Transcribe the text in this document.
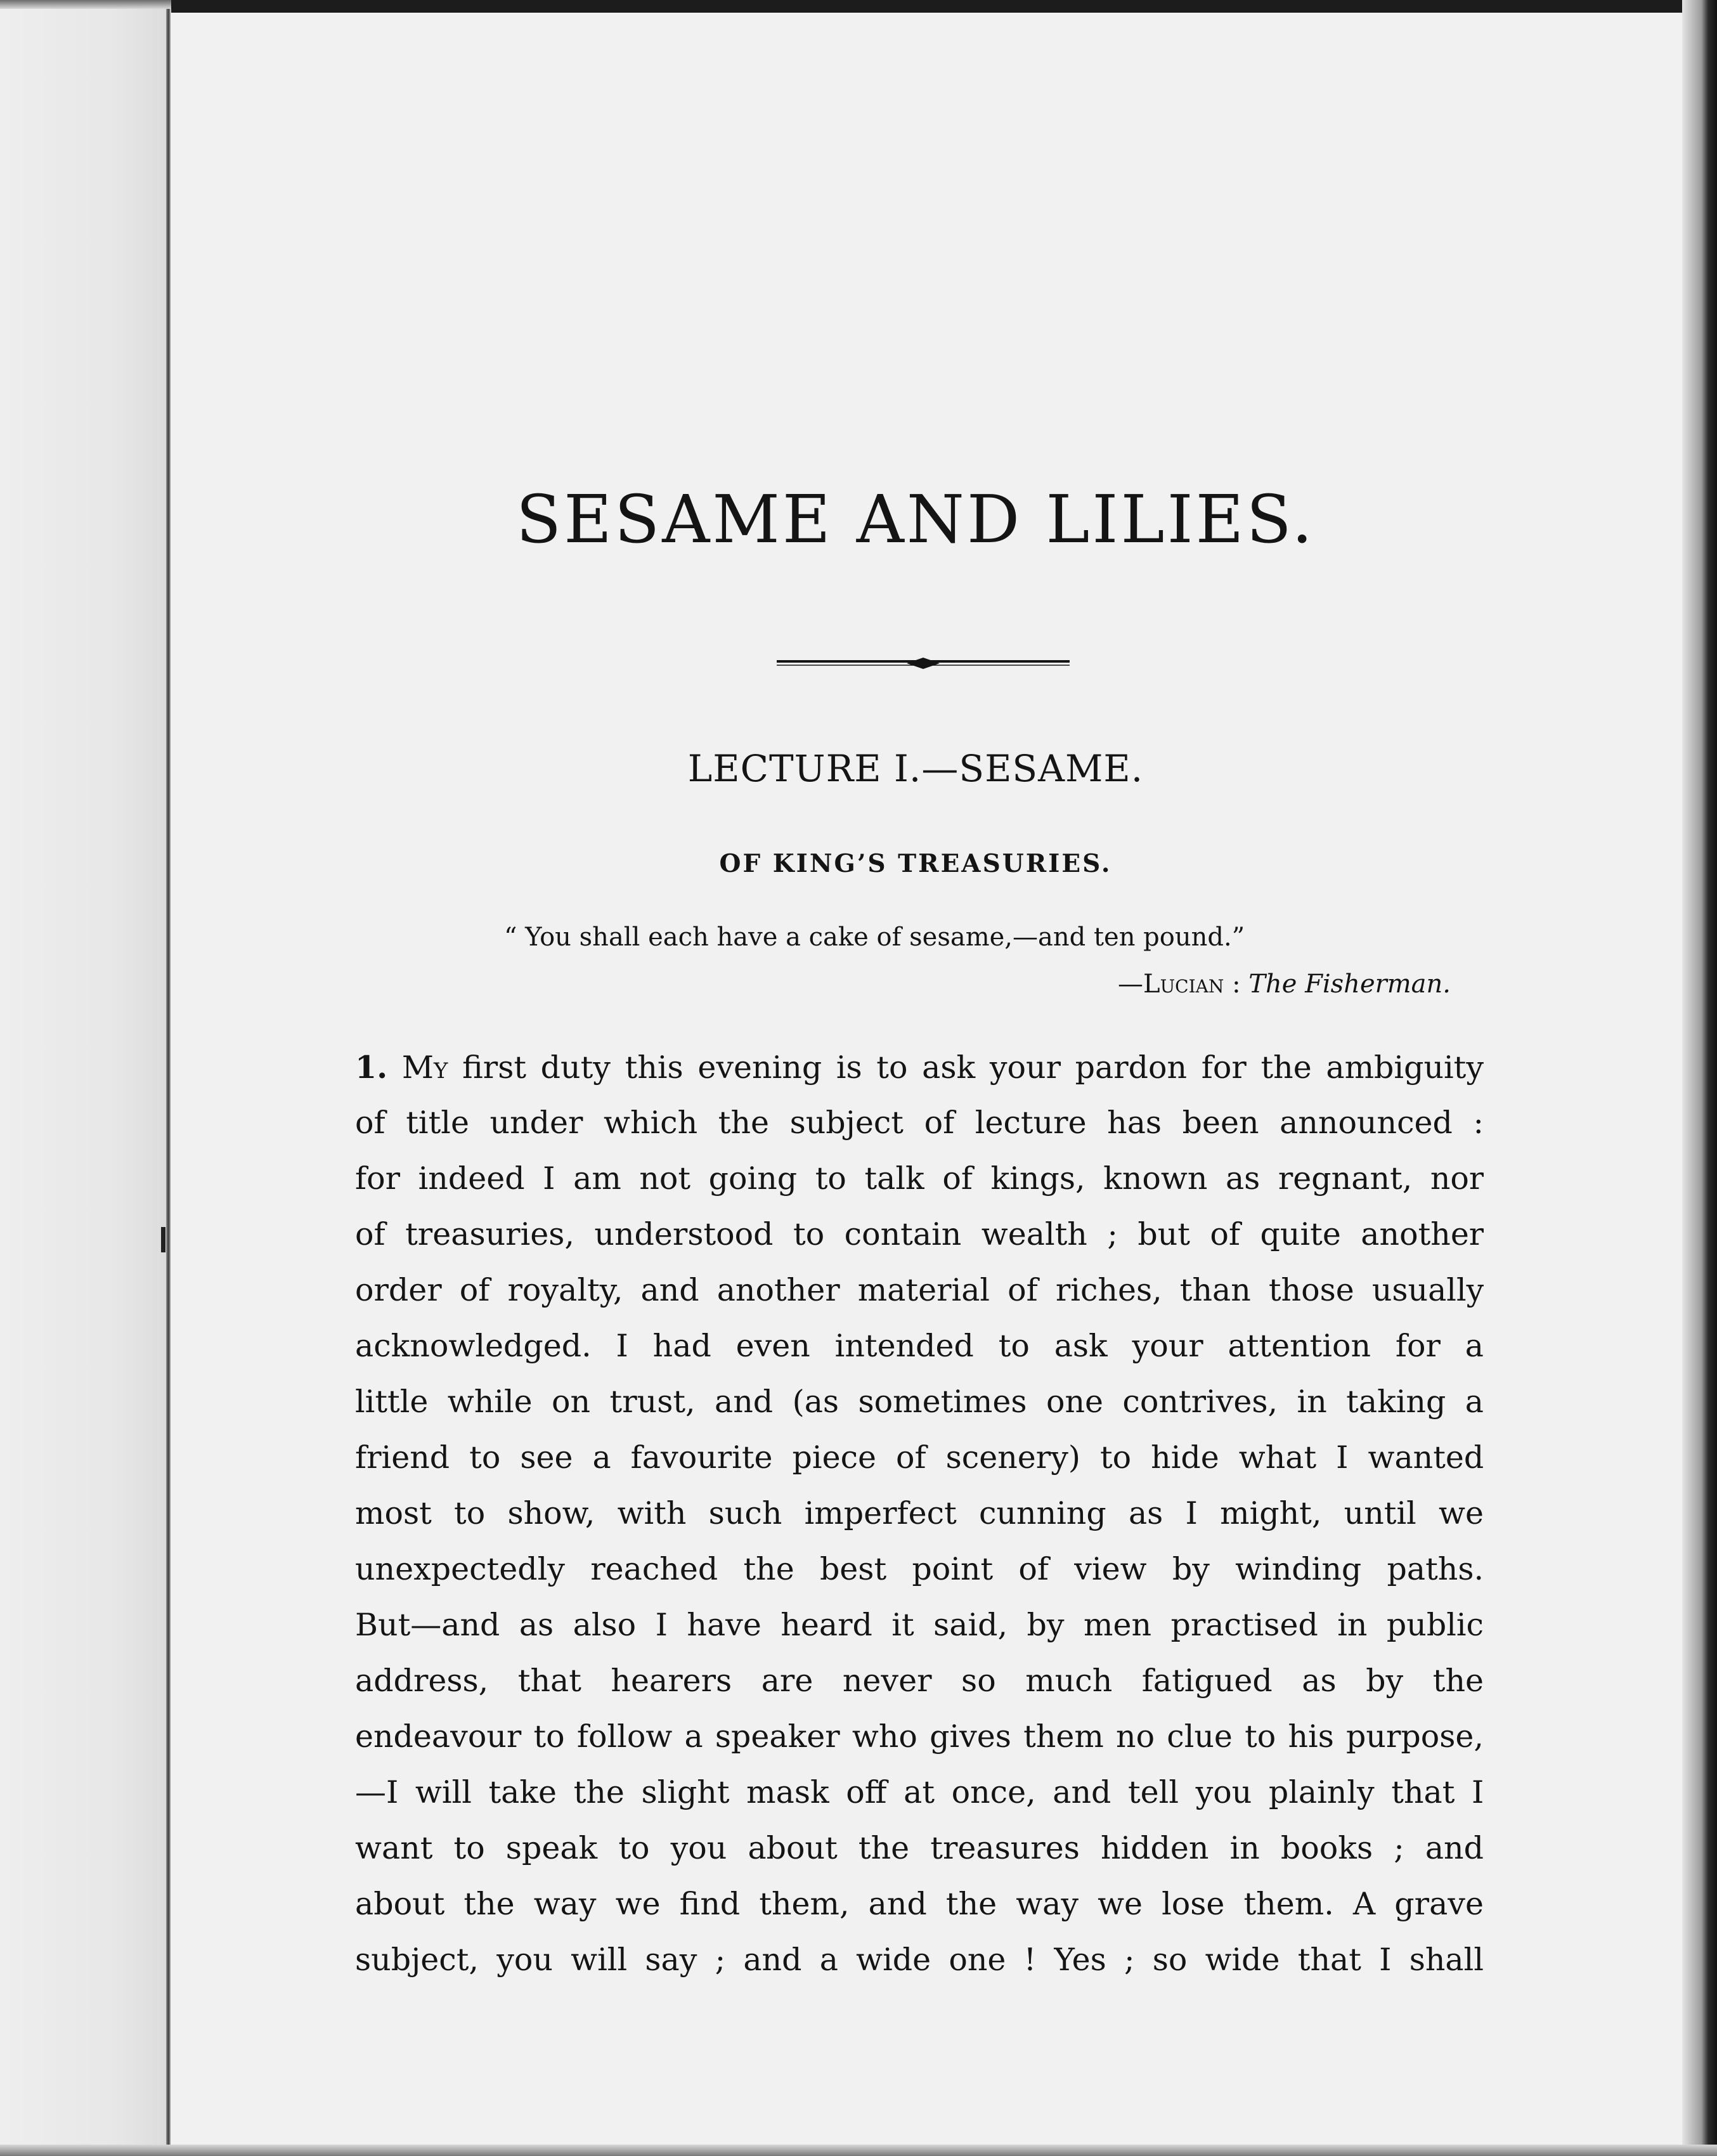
SESAME AND LILIES.
LECTURE I.—SESAME.
OF KING’S TREASURIES.
“ You shall each have a cake of sesame,—and ten pound.”
—Lucian : The Fisherman.
1. My first duty this evening is to ask your pardon for the ambiguity
of title under which the subject of lecture has been announced :
for indeed I am not going to talk of kings, known as regnant, nor
of treasuries, understood to contain wealth ; but of quite another
order of royalty, and another material of riches, than those usually
acknowledged. I had even intended to ask your attention for a
little while on trust, and (as sometimes one contrives, in taking a
friend to see a favourite piece of scenery) to hide what I wanted
most to show, with such imperfect cunning as I might, until we
unexpectedly reached the best point of view by winding paths.
But—and as also I have heard it said, by men practised in public
address, that hearers are never so much fatigued as by the
endeavour to follow a speaker who gives them no clue to his purpose,
—I will take the slight mask off at once, and tell you plainly that I
want to speak to you about the treasures hidden in books ; and
about the way we find them, and the way we lose them. A grave
subject, you will say ; and a wide one ! Yes ; so wide that I shall
